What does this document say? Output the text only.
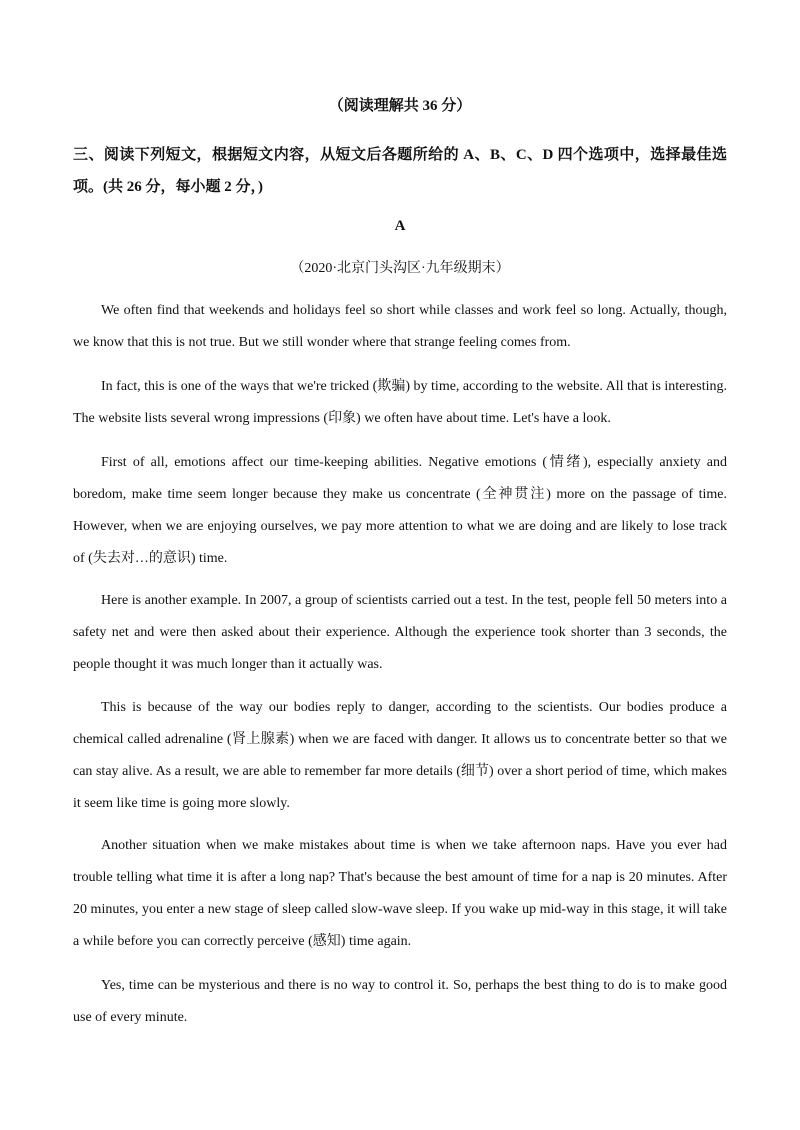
（阅读理解共 36 分）
三、阅读下列短文，根据短文内容，从短文后各题所给的 A、B、C、D 四个选项中，选择最佳选项。(共 26 分，每小题 2 分，)
A
（2020·北京门头沟区·九年级期末）

We often find that weekends and holidays feel so short while classes and work feel so long. Actually, though, we know that this is not true. But we still wonder where that strange feeling comes from.

In fact, this is one of the ways that we're tricked (欺骗) by time, according to the website. All that is interesting. The website lists several wrong impressions (印象) we often have about time. Let's have a look.

First of all, emotions affect our time-keeping abilities. Negative emotions (情绪), especially anxiety and boredom, make time seem longer because they make us concentrate (全神贯注) more on the passage of time. However, when we are enjoying ourselves, we pay more attention to what we are doing and are likely to lose track of (失去对…的意识) time.

Here is another example. In 2007, a group of scientists carried out a test. In the test, people fell 50 meters into a safety net and were then asked about their experience. Although the experience took shorter than 3 seconds, the people thought it was much longer than it actually was.

This is because of the way our bodies reply to danger, according to the scientists. Our bodies produce a chemical called adrenaline (肾上腺素) when we are faced with danger. It allows us to concentrate better so that we can stay alive. As a result, we are able to remember far more details (细节) over a short period of time, which makes it seem like time is going more slowly.

Another situation when we make mistakes about time is when we take afternoon naps. Have you ever had trouble telling what time it is after a long nap? That's because the best amount of time for a nap is 20 minutes. After 20 minutes, you enter a new stage of sleep called slow-wave sleep. If you wake up mid-way in this stage, it will take a while before you can correctly perceive (感知) time again.

Yes, time can be mysterious and there is no way to control it. So, perhaps the best thing to do is to make good use of every minute.
